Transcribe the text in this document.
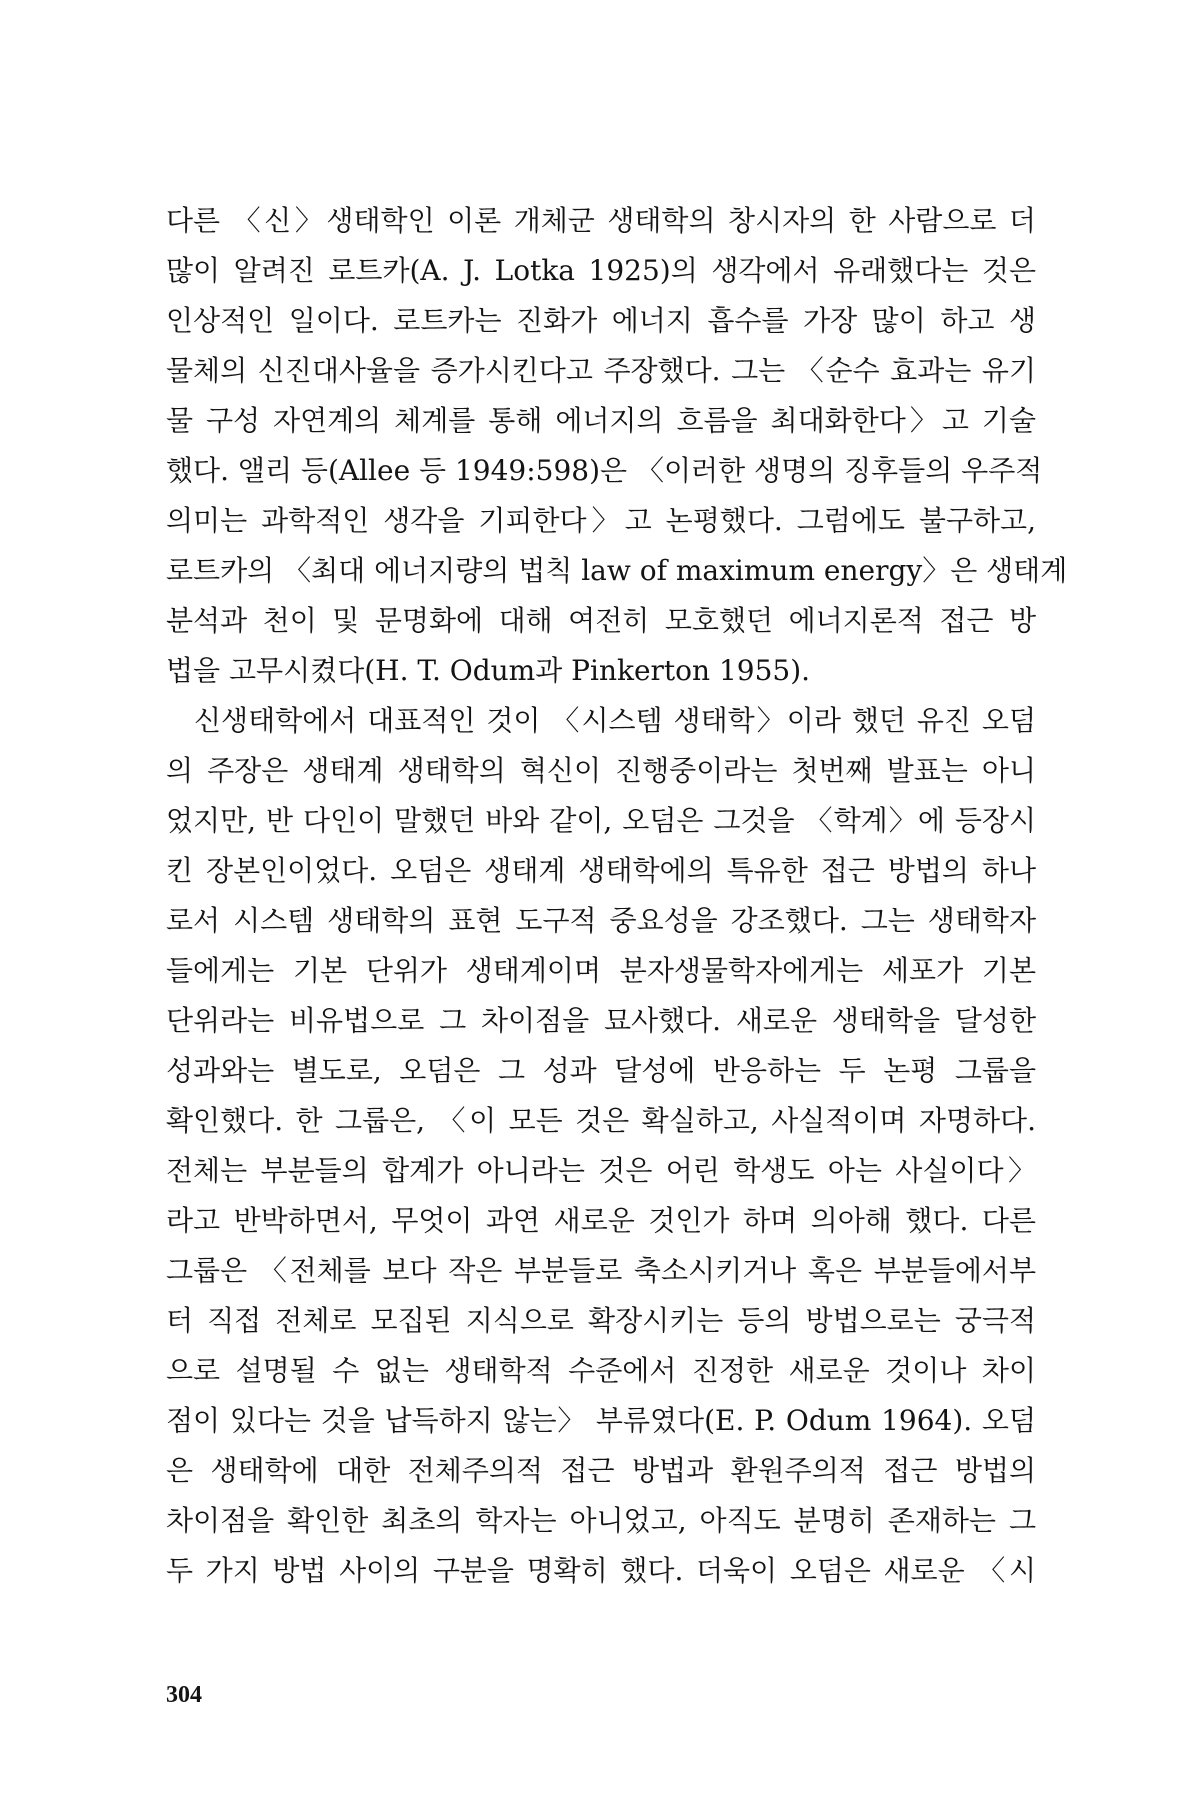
다른 〈신〉생태학인 이론 개체군 생태학의 창시자의 한 사람으로 더
많이 알려진 로트카(A. J. Lotka 1925)의 생각에서 유래했다는 것은
인상적인 일이다. 로트카는 진화가 에너지 흡수를 가장 많이 하고 생
물체의 신진대사율을 증가시킨다고 주장했다. 그는 〈순수 효과는 유기
물 구성 자연계의 체계를 통해 에너지의 흐름을 최대화한다〉고 기술
했다. 앨리 등(Allee 등 1949:598)은 〈이러한 생명의 징후들의 우주적
의미는 과학적인 생각을 기피한다〉고 논평했다. 그럼에도 불구하고,
로트카의 〈최대 에너지량의 법칙 law of maximum energy〉은 생태계
분석과 천이 및 문명화에 대해 여전히 모호했던 에너지론적 접근 방
법을 고무시켰다(H. T. Odum과 Pinkerton 1955).
신생태학에서 대표적인 것이 〈시스템 생태학〉이라 했던 유진 오덤
의 주장은 생태계 생태학의 혁신이 진행중이라는 첫번째 발표는 아니
었지만, 반 다인이 말했던 바와 같이, 오덤은 그것을 〈학계〉에 등장시
킨 장본인이었다. 오덤은 생태계 생태학에의 특유한 접근 방법의 하나
로서 시스템 생태학의 표현 도구적 중요성을 강조했다. 그는 생태학자
들에게는 기본 단위가 생태계이며 분자생물학자에게는 세포가 기본
단위라는 비유법으로 그 차이점을 묘사했다. 새로운 생태학을 달성한
성과와는 별도로, 오덤은 그 성과 달성에 반응하는 두 논평 그룹을
확인했다. 한 그룹은, 〈이 모든 것은 확실하고, 사실적이며 자명하다.
전체는 부분들의 합계가 아니라는 것은 어린 학생도 아는 사실이다〉
라고 반박하면서, 무엇이 과연 새로운 것인가 하며 의아해 했다. 다른
그룹은 〈전체를 보다 작은 부분들로 축소시키거나 혹은 부분들에서부
터 직접 전체로 모집된 지식으로 확장시키는 등의 방법으로는 궁극적
으로 설명될 수 없는 생태학적 수준에서 진정한 새로운 것이나 차이
점이 있다는 것을 납득하지 않는〉 부류였다(E. P. Odum 1964). 오덤
은 생태학에 대한 전체주의적 접근 방법과 환원주의적 접근 방법의
차이점을 확인한 최초의 학자는 아니었고, 아직도 분명히 존재하는 그
두 가지 방법 사이의 구분을 명확히 했다. 더욱이 오덤은 새로운 〈시
304
